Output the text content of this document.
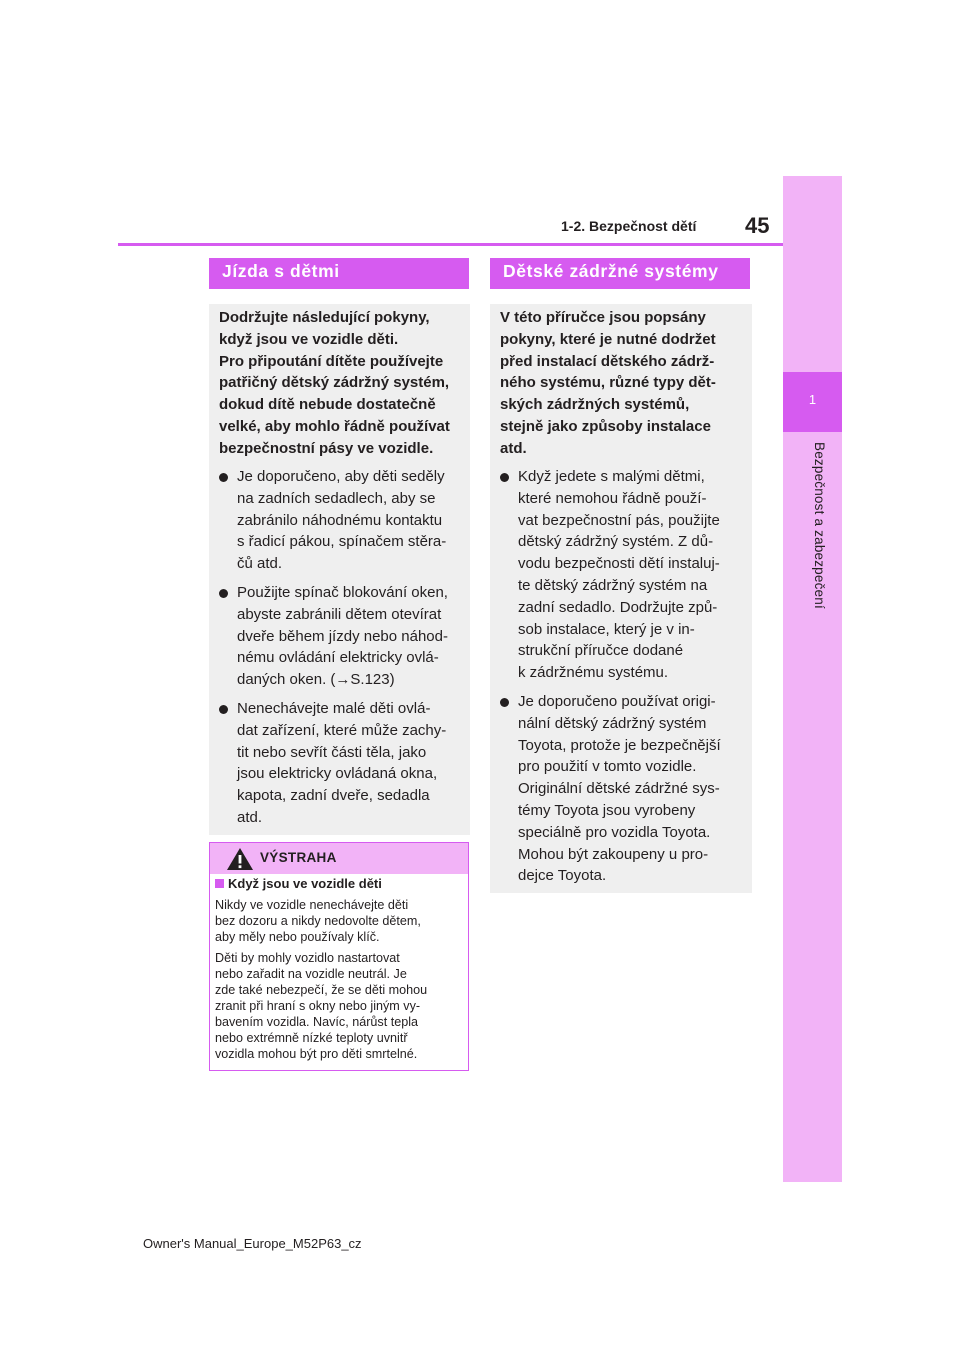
1
Bezpečnost a zabezpečení
1-2. Bezpečnost dětí 45
Jízda s dětmi
Dodržujte následující pokyny,
když jsou ve vozidle děti.
Pro připoutání dítěte používejte
patřičný dětský zádržný systém,
dokud dítě nebude dostatečně
velké, aby mohlo řádně používat
bezpečnostní pásy ve vozidle.
Je doporučeno, aby děti seděly
na zadních sedadlech, aby se
zabránilo náhodnému kontaktu
s řadicí pákou, spínačem stěra-
čů atd.
Použijte spínač blokování oken,
abyste zabránili dětem otevírat
dveře během jízdy nebo náhod-
nému ovládání elektricky ovlá-
daných oken. (→S.123)
Nenechávejte malé děti ovlá-
dat zařízení, které může zachy-
tit nebo sevřít části těla, jako
jsou elektricky ovládaná okna,
kapota, zadní dveře, sedadla
atd.
VÝSTRAHA
Když jsou ve vozidle děti
Nikdy ve vozidle nenechávejte děti
bez dozoru a nikdy nedovolte dětem,
aby měly nebo používaly klíč.
Děti by mohly vozidlo nastartovat
nebo zařadit na vozidle neutrál. Je
zde také nebezpečí, že se děti mohou
zranit při hraní s okny nebo jiným vy-
bavením vozidla. Navíc, nárůst tepla
nebo extrémně nízké teploty uvnitř
vozidla mohou být pro děti smrtelné.
Dětské zádržné systémy
V této příručce jsou popsány
pokyny, které je nutné dodržet
před instalací dětského zádrž-
ného systému, různé typy dět-
ských zádržných systémů,
stejně jako způsoby instalace
atd.
Když jedete s malými dětmi,
které nemohou řádně použí-
vat bezpečnostní pás, použijte
dětský zádržný systém. Z dů-
vodu bezpečnosti dětí instaluj-
te dětský zádržný systém na
zadní sedadlo. Dodržujte způ-
sob instalace, který je v in-
strukční příručce dodané
k zádržnému systému.
Je doporučeno používat origi-
nální dětský zádržný systém
Toyota, protože je bezpečnější
pro použití v tomto vozidle.
Originální dětské zádržné sys-
témy Toyota jsou vyrobeny
speciálně pro vozidla Toyota.
Mohou být zakoupeny u pro-
dejce Toyota.
Owner's Manual_Europe_M52P63_cz
